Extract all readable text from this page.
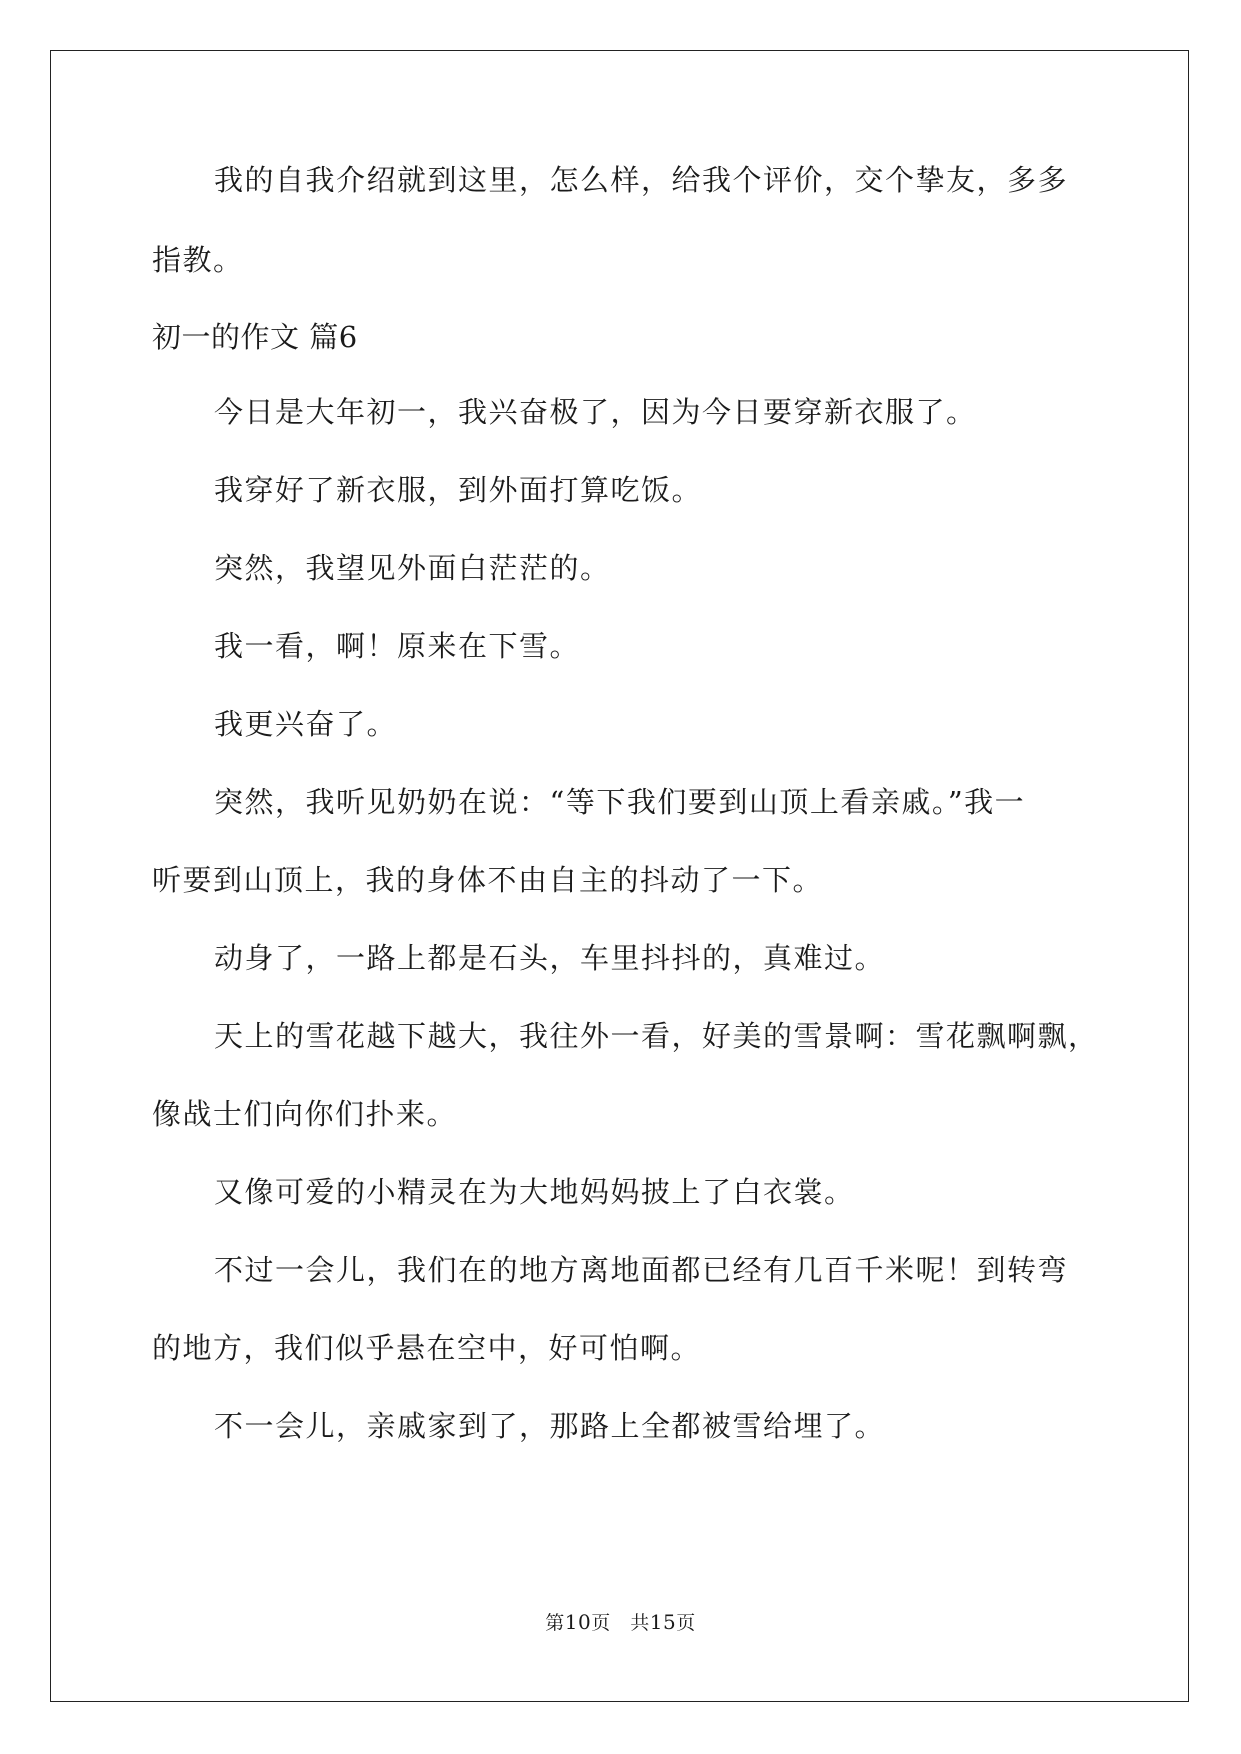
我的自我介绍就到这里，怎么样，给我个评价，交个挚友，多多
指教。
初一的作文 篇6
今日是大年初一，我兴奋极了，因为今日要穿新衣服了。
我穿好了新衣服，到外面打算吃饭。
突然，我望见外面白茫茫的。
我一看，啊！原来在下雪。
我更兴奋了。
突然，我听见奶奶在说：“等下我们要到山顶上看亲戚。”我一
听要到山顶上，我的身体不由自主的抖动了一下。
动身了，一路上都是石头，车里抖抖的，真难过。
天上的雪花越下越大，我往外一看，好美的雪景啊：雪花飘啊飘，
像战士们向你们扑来。
又像可爱的小精灵在为大地妈妈披上了白衣裳。
不过一会儿，我们在的地方离地面都已经有几百千米呢！到转弯
的地方，我们似乎悬在空中，好可怕啊。
不一会儿，亲戚家到了，那路上全都被雪给埋了。
第10页　共15页
